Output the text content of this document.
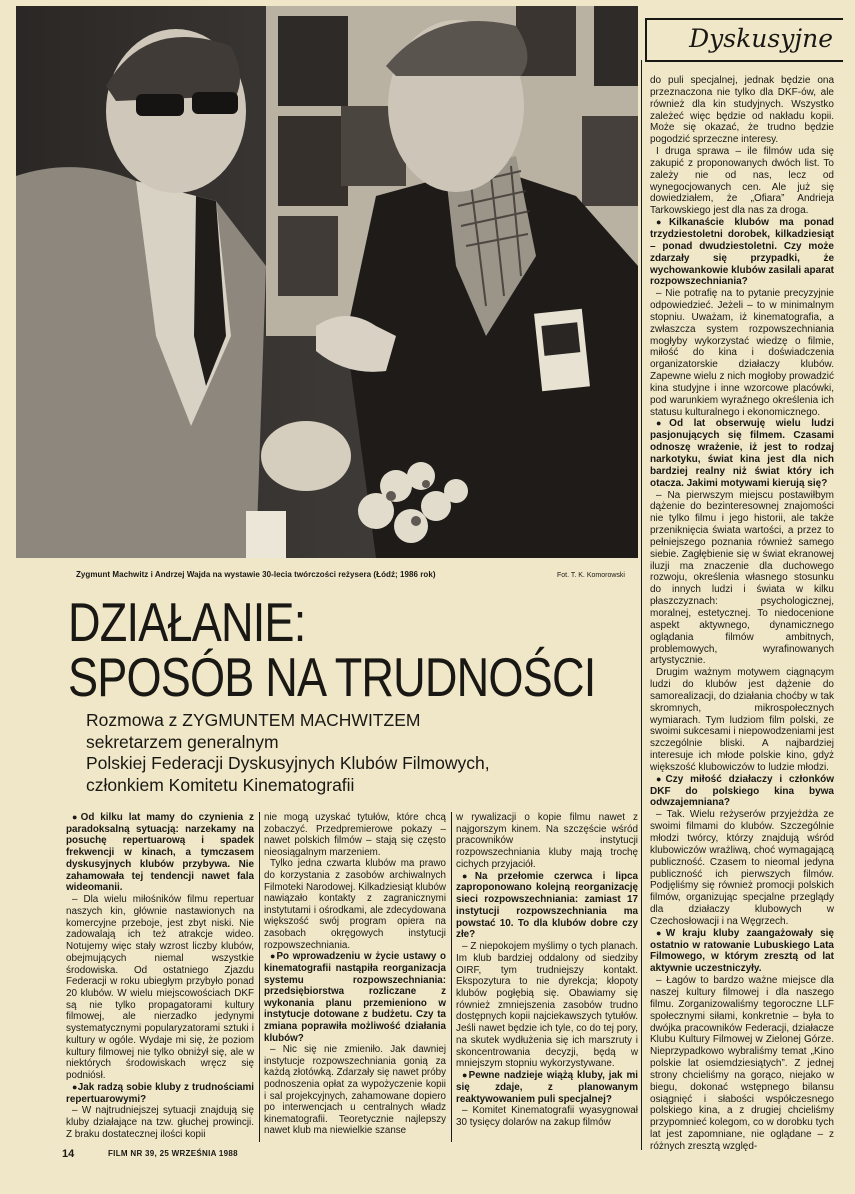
Dyskusyjne
Zygmunt Machwitz i Andrzej Wajda na wystawie 30-lecia twórczości reżysera (Łódź; 1986 rok)	Fot. T. K. Komorowski
DZIAŁANIE:
SPOSÓB NA TRUDNOŚCI
Rozmowa z ZYGMUNTEM MACHWITZEM
sekretarzem generalnym
Polskiej Federacji Dyskusyjnych Klubów Filmowych,
członkiem Komitetu Kinematografii

● Od kilku lat mamy do czynienia z paradoksalną sytuacją: narzekamy na posuchę repertuarową i spadek frekwencji w kinach, a tymczasem dyskusyjnych klubów przybywa. Nie zahamowała tej tendencji nawet fala wideomanii.

– Dla wielu miłośników filmu repertuar naszych kin, głównie nastawionych na komercyjne przeboje, jest zbyt niski. Nie zadowalają ich też atrakcje wideo. Notujemy więc stały wzrost liczby klubów, obejmujących niemal wszystkie środowiska. Od ostatniego Zjazdu Federacji w roku ubiegłym przybyło ponad 20 klubów. W wielu miejscowościach DKF są nie tylko propagatorami kultury filmowej, ale nierzadko jedynymi systematycznymi popularyzatorami sztuki i kultury w ogóle. Wydaje mi się, że poziom kultury filmowej nie tylko obniżył się, ale w niektórych środowiskach wręcz się podniósł.

● Jak radzą sobie kluby z trudnościami repertuarowymi?

– W najtrudniejszej sytuacji znajdują się kluby działające na tzw. głuchej prowincji. Z braku dostatecznej ilości kopii

nie mogą uzyskać tytułów, które chcą zobaczyć. Przedpremierowe pokazy – nawet polskich filmów – stają się często nieosiągalnym marzeniem.

Tylko jedna czwarta klubów ma prawo do korzystania z zasobów archiwalnych Filmoteki Narodowej. Kilkadziesiąt klubów nawiązało kontakty z zagranicznymi instytutami i ośrodkami, ale zdecydowana większość swój program opiera na zasobach okręgowych instytucji rozpowszechniania.

● Po wprowadzeniu w życie ustawy o kinematografii nastąpiła reorganizacja systemu rozpowszechniania: przedsiębiorstwa rozliczane z wykonania planu przemieniono w instytucje dotowane z budżetu. Czy ta zmiana poprawiła możliwość działania klubów?

– Nic się nie zmieniło. Jak dawniej instytucje rozpowszechniania gonią za każdą złotówką. Zdarzały się nawet próby podnoszenia opłat za wypożyczenie kopii i sal projekcyjnych, zahamowane dopiero po interwencjach u centralnych władz kinematografii. Teoretycznie najlepszy nawet klub ma niewielkie szanse

w rywalizacji o kopie filmu nawet z najgorszym kinem. Na szczęście wśród pracowników instytucji rozpowszechniania kluby mają trochę cichych przyjaciół.

● Na przełomie czerwca i lipca zaproponowano kolejną reorganizację sieci rozpowszechniania: zamiast 17 instytucji rozpowszechniania ma powstać 10. To dla klubów dobre czy złe?

– Z niepokojem myślimy o tych planach. Im klub bardziej oddalony od siedziby OIRF, tym trudniejszy kontakt. Ekspozytura to nie dyrekcja; kłopoty klubów pogłębią się. Obawiamy się również zmniejszenia zasobów trudno dostępnych kopii najciekawszych tytułów. Jeśli nawet będzie ich tyle, co do tej pory, na skutek wydłużenia się ich marszruty i skoncentrowania decyzji, będą w mniejszym stopniu wykorzystywane.

● Pewne nadzieje wiążą kluby, jak mi się zdaje, z planowanym reaktywowaniem puli specjalnej?

– Komitet Kinematografii wyasygnował 30 tysięcy dolarów na zakup filmów

do puli specjalnej, jednak będzie ona przeznaczona nie tylko dla DKF-ów, ale również dla kin studyjnych. Wszystko zależeć więc będzie od nakładu kopii. Może się okazać, że trudno będzie pogodzić sprzeczne interesy.

I druga sprawa – ile filmów uda się zakupić z proponowanych dwóch list. To zależy nie od nas, lecz od wynegocjowanych cen. Ale już się dowiedziałem, że „Ofiara” Andrieja Tarkowskiego jest dla nas za droga.

● Kilkanaście klubów ma ponad trzydziestoletni dorobek, kilkadziesiąt – ponad dwudziestoletni. Czy może zdarzały się przypadki, że wychowankowie klubów zasilali aparat rozpowszechniania?

– Nie potrafię na to pytanie precyzyjnie odpowiedzieć. Jeżeli – to w minimalnym stopniu. Uważam, iż kinematografia, a zwłaszcza system rozpowszechniania mogłyby wykorzystać wiedzę o filmie, miłość do kina i doświadczenia organizatorskie działaczy klubów. Zapewne wielu z nich mogłoby prowadzić kina studyjne i inne wzorcowe placówki, pod warunkiem wyraźnego określenia ich statusu kulturalnego i ekonomicznego.

● Od lat obserwuję wielu ludzi pasjonujących się filmem. Czasami odnoszę wrażenie, iż jest to rodzaj narkotyku, świat kina jest dla nich bardziej realny niż świat który ich otacza. Jakimi motywami kierują się?

– Na pierwszym miejscu postawiłbym dążenie do bezinteresownej znajomości nie tylko filmu i jego historii, ale także przeniknięcia świata wartości, a przez to pełniejszego poznania również samego siebie. Zagłębienie się w świat ekranowej iluzji ma znaczenie dla duchowego rozwoju, określenia własnego stosunku do innych ludzi i świata w kilku płaszczyznach: psychologicznej, moralnej, estetycznej. To niedocenione aspekt aktywnego, dynamicznego oglądania filmów ambitnych, problemowych, wyrafinowanych artystycznie.

Drugim ważnym motywem ciągnącym ludzi do klubów jest dążenie do samorealizacji, do działania choćby w tak skromnych, mikrospołecznych wymiarach. Tym ludziom film polski, ze swoimi sukcesami i niepowodzeniami jest szczególnie bliski. A najbardziej interesuje ich młode polskie kino, gdyż większość klubowiczów to ludzie młodzi.

● Czy miłość działaczy i członków DKF do polskiego kina bywa odwzajemniana?

– Tak. Wielu reżyserów przyjeżdża ze swoimi filmami do klubów. Szczególnie młodzi twórcy, którzy znajdują wśród klubowiczów wrażliwą, choć wymagającą publiczność. Czasem to nieomal jedyna publiczność ich pierwszych filmów. Podjęliśmy się również promocji polskich filmów, organizując specjalne przeglądy dla działaczy klubowych w Czechosłowacji i na Węgrzech.

● W kraju kluby zaangażowały się ostatnio w ratowanie Lubuskiego Lata Filmowego, w którym zresztą od lat aktywnie uczestniczyły.

– Łagów to bardzo ważne miejsce dla naszej kultury filmowej i dla naszego filmu. Zorganizowaliśmy tegoroczne LLF społecznymi siłami, konkretnie – była to dwójka pracowników Federacji, działacze Klubu Kultury Filmowej w Zielonej Górze. Nieprzypadkowo wybraliśmy temat „Kino polskie lat osiemdziesiątych”. Z jednej strony chcieliśmy na gorąco, niejako w biegu, dokonać wstępnego bilansu osiągnięć i słabości współczesnego polskiego kina, a z drugiej chcieliśmy przypomnieć kolegom, co w dorobku tych lat jest zapomniane, nie oglądane – z różnych zresztą względ-

14	FILM NR 39, 25 WRZEŚNIA 1988
